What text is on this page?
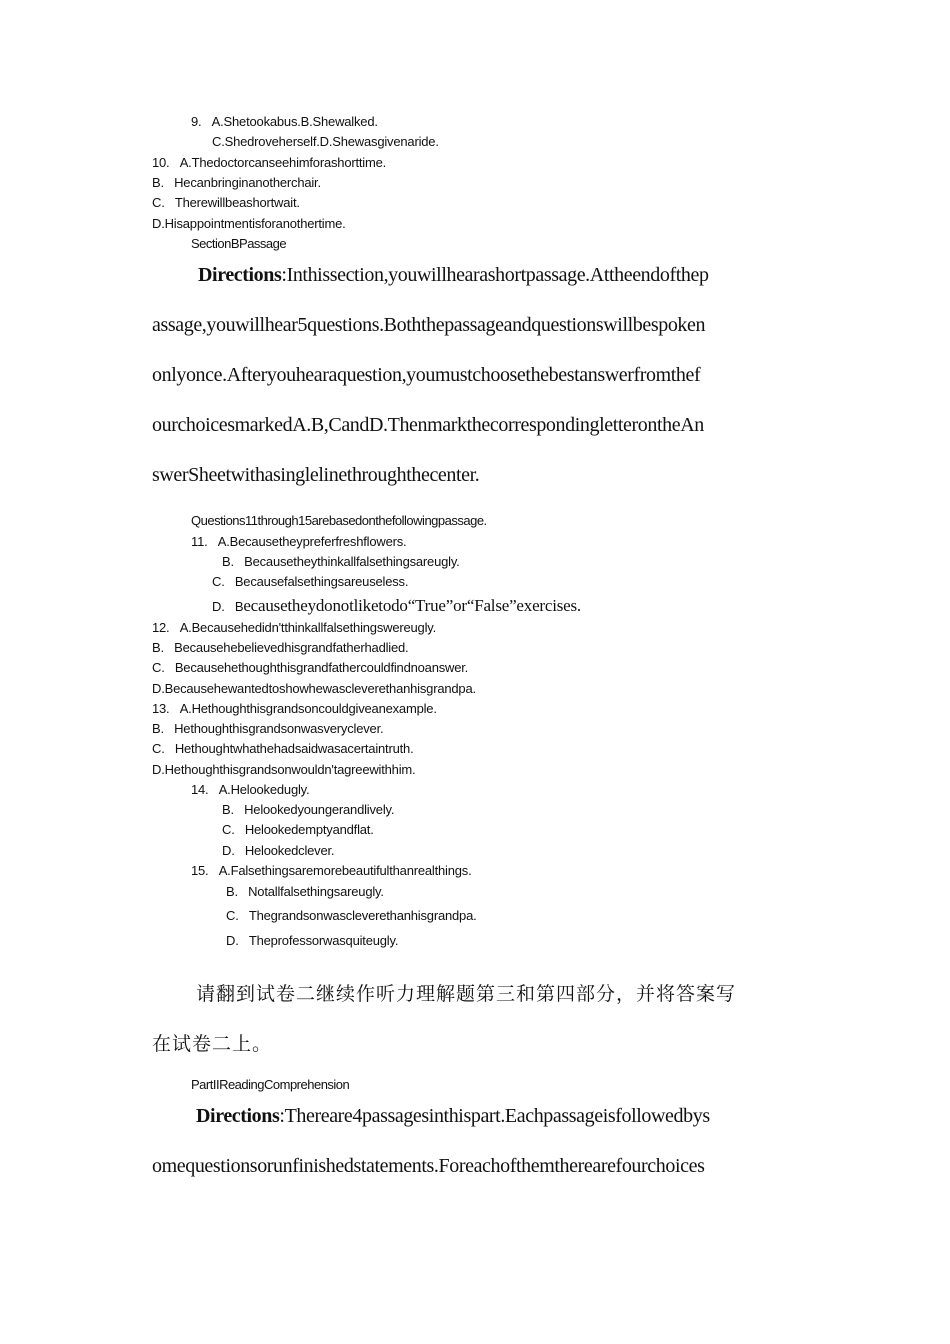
9.   A.Shetookabus.B.Shewalked.
C.Shedroveherself.D.Shewasgivenaride.
10.   A.Thedoctorcanseehimforashorttime.
B.   Hecanbringinanotherchair.
C.   Therewillbeashortwait.
D.Hisappointmentisforanothertime.
SectionBPassage
Directions:Inthissection,youwillhearashortpassage.Attheendofthep
assage,youwillhear5questions.Boththepassageandquestionswillbespoken
onlyonce.Afteryouhearaquestion,youmustchoosethebestanswerfromthef
ourchoicesmarkedA.B,CandD.ThenmarkthecorrespondingletterontheAn
swerSheetwithasinglelinethroughthecenter.
Questions11through15arebasedonthefollowingpassage.
11.   A.Becausetheypreferfreshflowers.
B.   Becausetheythinkallfalsethingsareugly.
C.   Becausefalsethingsareuseless.
D.   Becausetheydonotliketodo“True”or“False”exercises.
12.   A.Becausehedidn'tthinkallfalsethingswereugly.
B.   Becausehebelievedhisgrandfatherhadlied.
C.   Becausehethoughthisgrandfathercouldfindnoanswer.
D.Becausehewantedtoshowhewascleverethanhisgrandpa.
13.   A.Hethoughthisgrandsoncouldgiveanexample.
B.   Hethoughthisgrandsonwasveryclever.
C.   Hethoughtwhathehadsaidwasacertaintruth.
D.Hethoughthisgrandsonwouldn'tagreewithhim.
14.   A.Helookedugly.
B.   Helookedyoungerandlively.
C.   Helookedemptyandflat.
D.   Helookedclever.
15.   A.Falsethingsaremorebeautifulthanrealthings.
B.   Notallfalsethingsareugly.
C.   Thegrandsonwascleverethanhisgrandpa.
D.   Theprofessorwasquiteugly.
请翻到试卷二继续作听力理解题第三和第四部分，并将答案写
在试卷二上。
PartIIReadingComprehension
Directions:Thereare4passagesinthispart.Eachpassageisfollowedbys
omequestionsorunfinishedstatements.Foreachofthemtherearefourchoices
